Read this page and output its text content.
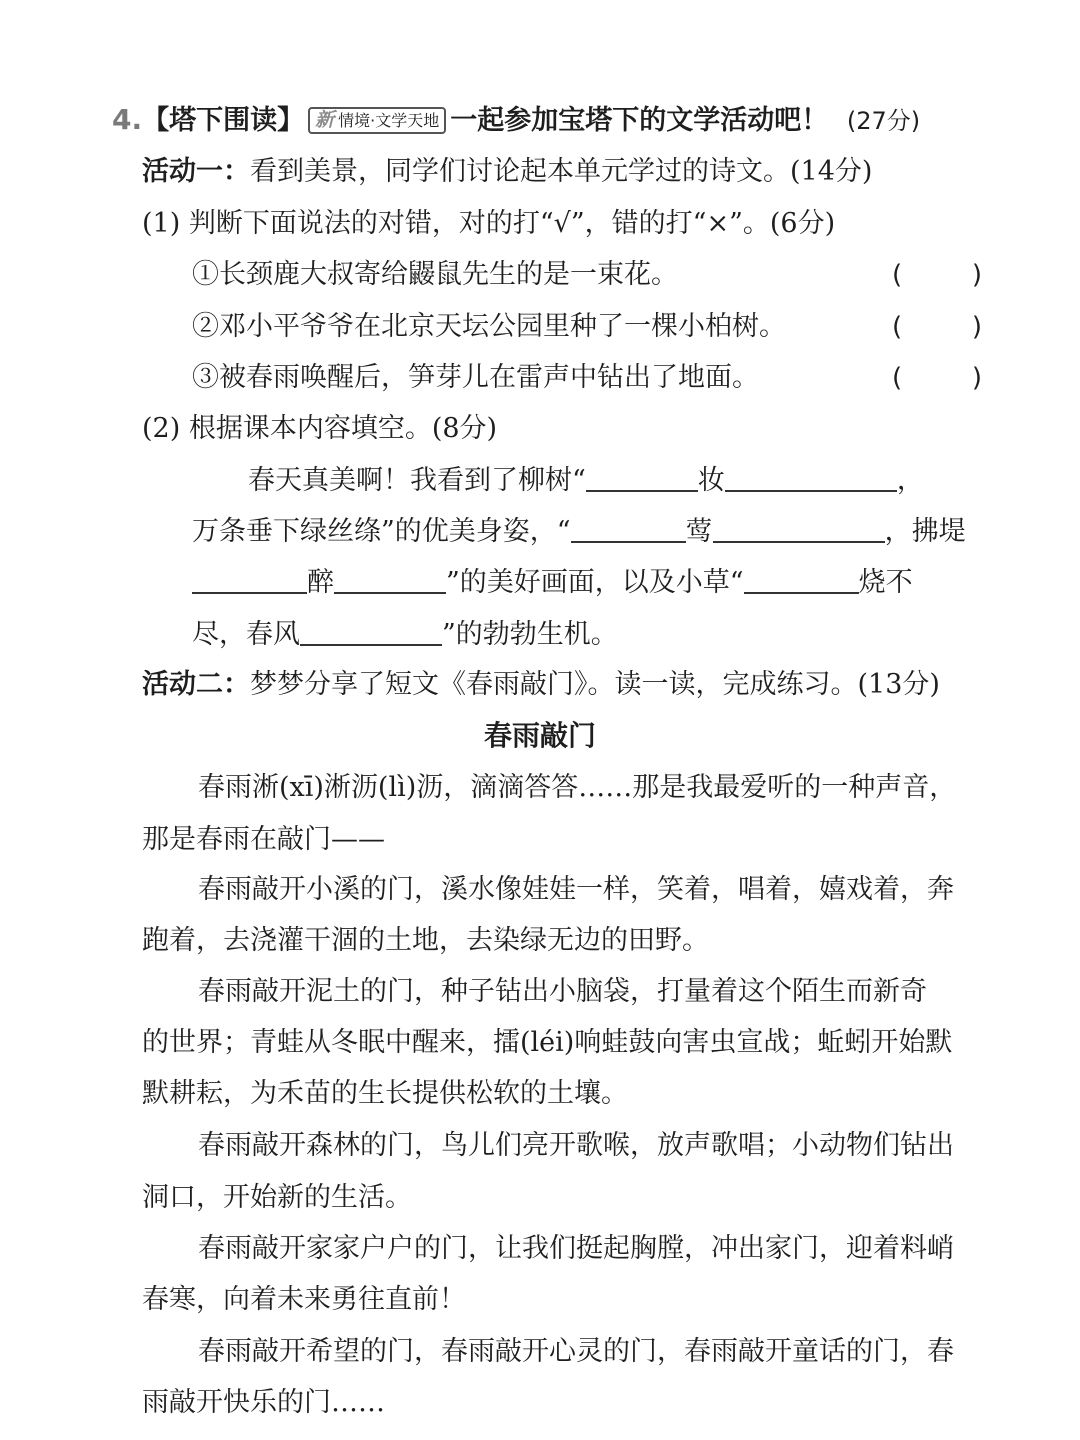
4.【塔下围读】 新 情境·文学天地 一起参加宝塔下的文学活动吧！ (27分)
活动一：看到美景，同学们讨论起本单元学过的诗文。(14分)
(1) 判断下面说法的对错，对的打“√”，错的打“×”。(6分)
①长颈鹿大叔寄给鼹鼠先生的是一束花。	(	)
②邓小平爷爷在北京天坛公园里种了一棵小柏树。	(	)
③被春雨唤醒后，笋芽儿在雷声中钻出了地面。	(	)
(2) 根据课本内容填空。(8分)
春天真美啊！我看到了柳树“	妆	，
万条垂下绿丝绦”的优美身姿，“	莺	，拂堤
醉	”的美好画面，以及小草“	烧不
尽，春风	”的勃勃生机。
活动二：梦梦分享了短文《春雨敲门》。读一读，完成练习。(13分)
春雨敲门
春雨淅(xī)淅沥(lì)沥，滴滴答答……那是我最爱听的一种声音，
那是春雨在敲门——
春雨敲开小溪的门，溪水像娃娃一样，笑着，唱着，嬉戏着，奔
跑着，去浇灌干涸的土地，去染绿无边的田野。
春雨敲开泥土的门，种子钻出小脑袋，打量着这个陌生而新奇
的世界；青蛙从冬眠中醒来，擂(léi)响蛙鼓向害虫宣战；蚯蚓开始默
默耕耘，为禾苗的生长提供松软的土壤。
春雨敲开森林的门，鸟儿们亮开歌喉，放声歌唱；小动物们钻出
洞口，开始新的生活。
春雨敲开家家户户的门，让我们挺起胸膛，冲出家门，迎着料峭
春寒，向着未来勇往直前！
春雨敲开希望的门，春雨敲开心灵的门，春雨敲开童话的门，春
雨敲开快乐的门……
